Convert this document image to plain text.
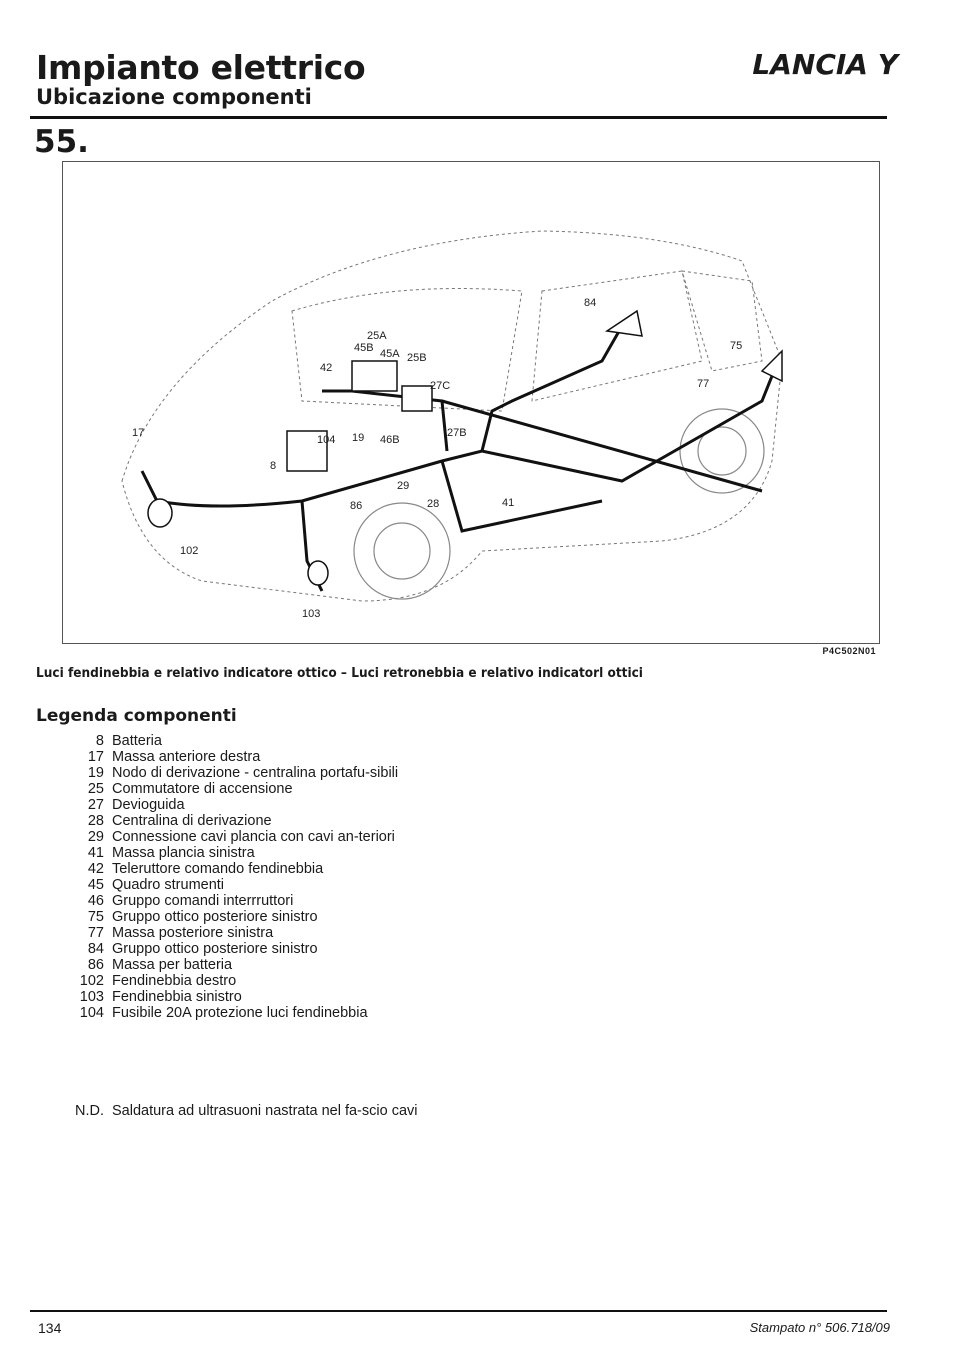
Impianto elettrico
Ubicazione componenti
LANCIA Y
55.
84
25A
45B 45A 25B
42
75
77
27C
17	27B
104 19 46B
8
29
86	28	41
102
103
P4C502N01
Luci fendinebbia e relativo indicatore ottico – Luci retronebbia e relativo indicatorl ottici
Legenda componenti
8 Batteria
17 Massa anteriore destra
19 Nodo di derivazione - centralina portafu-sibili
25 Commutatore di accensione
27 Devioguida
28 Centralina di derivazione
29 Connessione cavi plancia con cavi an-teriori
41 Massa plancia sinistra
42 Teleruttore comando fendinebbia
45 Quadro strumenti
46 Gruppo comandi interrruttori
75 Gruppo ottico posteriore sinistro
77 Massa posteriore sinistra
84 Gruppo ottico posteriore sinistro
86 Massa per batteria
102 Fendinebbia destro
103 Fendinebbia sinistro
104 Fusibile 20A protezione luci fendinebbia
N.D. Saldatura ad ultrasuoni nastrata nel fa-scio cavi
134	Stampato n° 506.718/09
